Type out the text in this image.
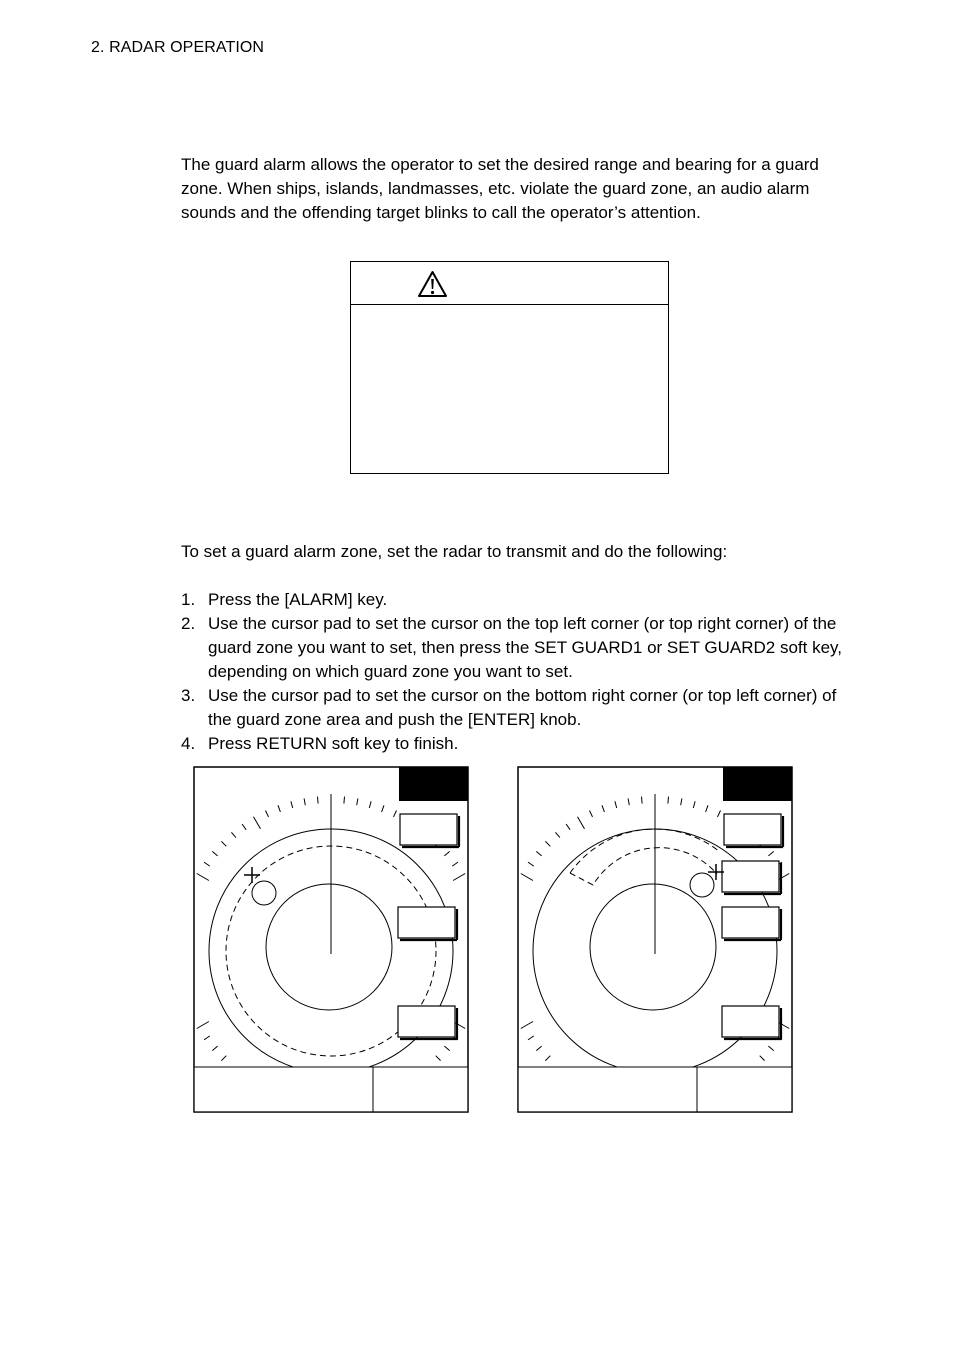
2. RADAR OPERATION

The guard alarm allows the operator to set the desired range and bearing for a guard zone. When ships, islands, landmasses, etc. violate the guard zone, an audio alarm sounds and the offending target blinks to call the operator’s attention.

To set a guard alarm zone, set the radar to transmit and do the following:

1. Press the [ALARM] key.
2. Use the cursor pad to set the cursor on the top left corner (or top right corner) of the guard zone you want to set, then press the SET GUARD1 or SET GUARD2 soft key, depending on which guard zone you want to set.
3. Use the cursor pad to set the cursor on the bottom right corner (or top left corner) of the guard zone area and push the [ENTER] knob.
4. Press RETURN soft key to finish.
